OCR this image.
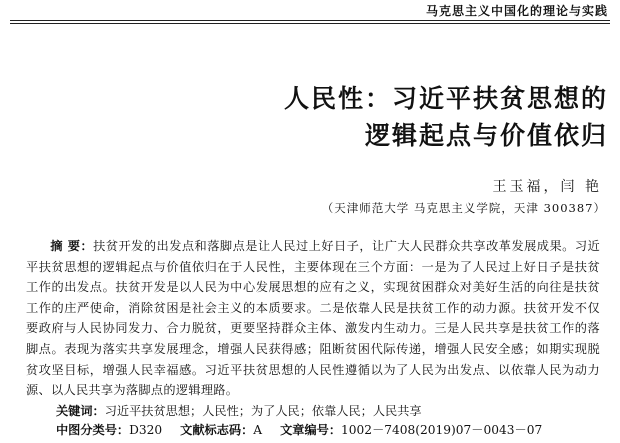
马克思主义中国化的理论与实践
人民性：习近平扶贫思想的
逻辑起点与价值依归
王玉福，闫 艳
（天津师范大学 马克思主义学院，天津 300387）
摘 要：扶贫开发的出发点和落脚点是让人民过上好日子，让广大人民群众共享改革发展成果。习近平扶贫思想的逻辑起点与价值依归在于人民性，主要体现在三个方面：一是为了人民过上好日子是扶贫工作的出发点。扶贫开发是以人民为中心发展思想的应有之义，实现贫困群众对美好生活的向往是扶贫工作的庄严使命，消除贫困是社会主义的本质要求。二是依靠人民是扶贫工作的动力源。扶贫开发不仅要政府与人民协同发力、合力脱贫，更要坚持群众主体、激发内生动力。三是人民共享是扶贫工作的落脚点。表现为落实共享发展理念，增强人民获得感；阻断贫困代际传递，增强人民安全感；如期实现脱贫攻坚目标，增强人民幸福感。习近平扶贫思想的人民性遵循以为了人民为出发点、以依靠人民为动力源、以人民共享为落脚点的逻辑理路。
关键词：习近平扶贫思想；人民性；为了人民；依靠人民；人民共享
中图分类号：D320 文献标志码：A 文章编号：1002－7408(2019)07－0043－07
